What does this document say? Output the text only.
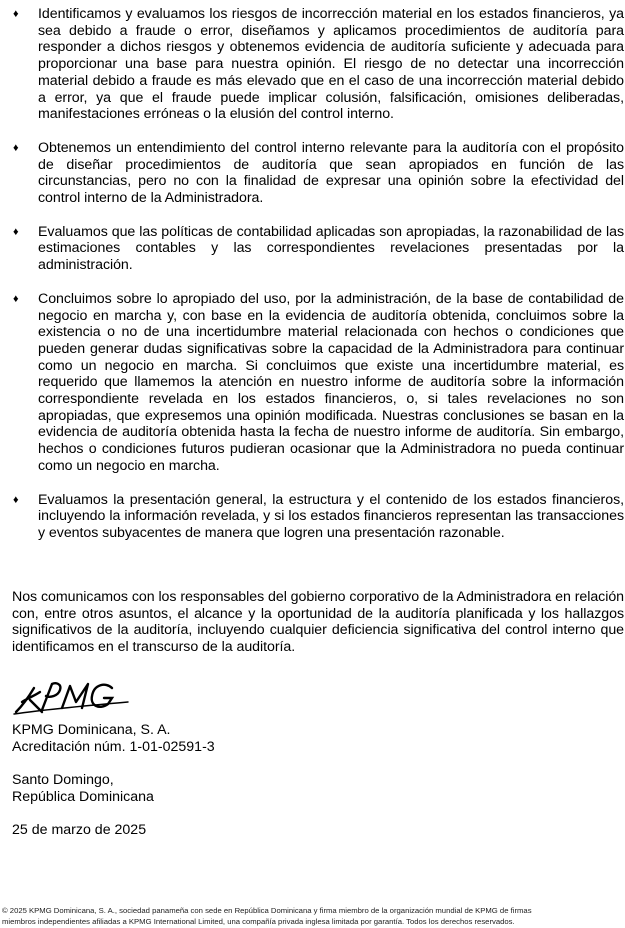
♦	Identificamos y evaluamos los riesgos de incorrección material en los estados financieros, ya sea debido a fraude o error, diseñamos y aplicamos procedimientos de auditoría para responder a dichos riesgos y obtenemos evidencia de auditoría suficiente y adecuada para proporcionar una base para nuestra opinión. El riesgo de no detectar una incorrección material debido a fraude es más elevado que en el caso de una incorrección material debido a error, ya que el fraude puede implicar colusión, falsificación, omisiones deliberadas, manifestaciones erróneas o la elusión del control interno.
♦	Obtenemos un entendimiento del control interno relevante para la auditoría con el propósito de diseñar procedimientos de auditoría que sean apropiados en función de las circunstancias, pero no con la finalidad de expresar una opinión sobre la efectividad del control interno de la Administradora.
♦	Evaluamos que las políticas de contabilidad aplicadas son apropiadas, la razonabilidad de las estimaciones contables y las correspondientes revelaciones presentadas por la administración.
♦	Concluimos sobre lo apropiado del uso, por la administración, de la base de contabilidad de negocio en marcha y, con base en la evidencia de auditoría obtenida, concluimos sobre la existencia o no de una incertidumbre material relacionada con hechos o condiciones que pueden generar dudas significativas sobre la capacidad de la Administradora para continuar como un negocio en marcha. Si concluimos que existe una incertidumbre material, es requerido que llamemos la atención en nuestro informe de auditoría sobre la información correspondiente revelada en los estados financieros, o, si tales revelaciones no son apropiadas, que expresemos una opinión modificada. Nuestras conclusiones se basan en la evidencia de auditoría obtenida hasta la fecha de nuestro informe de auditoría. Sin embargo, hechos o condiciones futuros pudieran ocasionar que la Administradora no pueda continuar como un negocio en marcha.
♦	Evaluamos la presentación general, la estructura y el contenido de los estados financieros, incluyendo la información revelada, y si los estados financieros representan las transacciones y eventos subyacentes de manera que logren una presentación razonable.

Nos comunicamos con los responsables del gobierno corporativo de la Administradora en relación con, entre otros asuntos, el alcance y la oportunidad de la auditoría planificada y los hallazgos significativos de la auditoría, incluyendo cualquier deficiencia significativa del control interno que identificamos en el transcurso de la auditoría.

KPMG Dominicana, S. A.
Acreditación núm. 1-01-02591-3
Santo Domingo,
República Dominicana
25 de marzo de 2025
© 2025 KPMG Dominicana, S. A., sociedad panameña con sede en República Dominicana y firma miembro de la organización mundial de KPMG de firmas
miembros independientes afiliadas a KPMG International Limited, una compañía privada inglesa limitada por garantía. Todos los derechos reservados.
